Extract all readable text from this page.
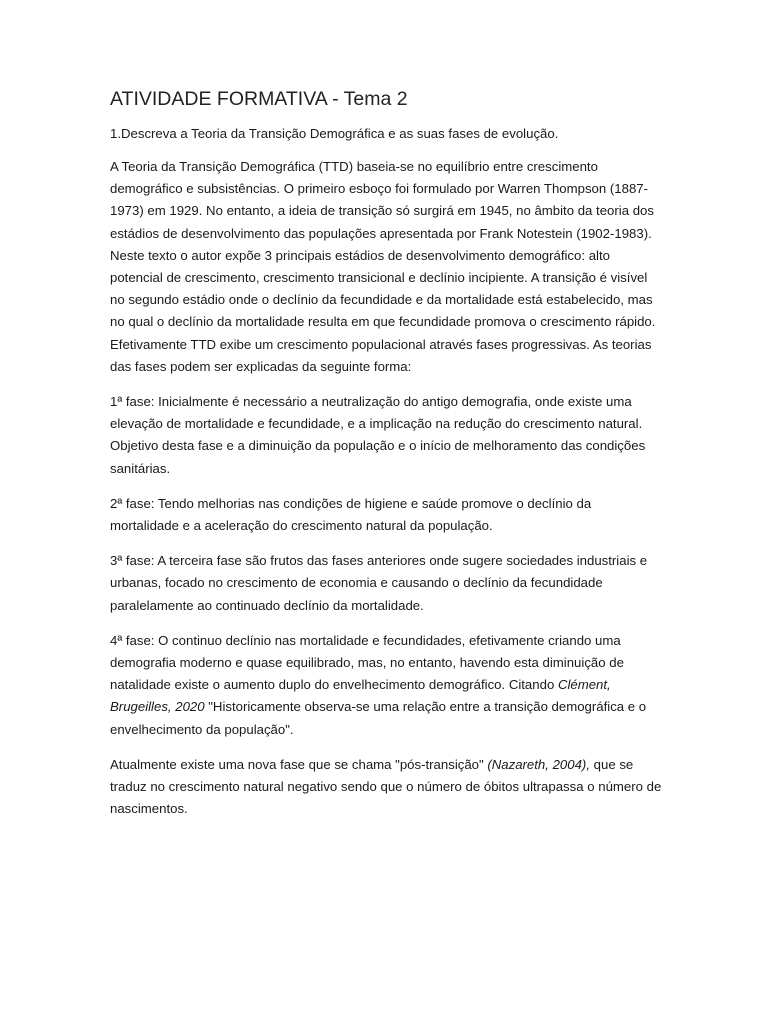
ATIVIDADE FORMATIVA - Tema 2

1.Descreva a Teoria da Transição Demográfica e as suas fases de evolução.

A Teoria da Transição Demográfica (TTD) baseia-se no equilíbrio entre crescimento demográfico e subsistências. O primeiro esboço foi formulado por Warren Thompson (1887-1973) em 1929. No entanto, a ideia de transição só surgirá em 1945, no âmbito da teoria dos estádios de desenvolvimento das populações apresentada por Frank Notestein (1902-1983). Neste texto o autor expõe 3 principais estádios de desenvolvimento demográfico: alto potencial de crescimento, crescimento transicional e declínio incipiente. A transição é visível no segundo estádio onde o declínio da fecundidade e da mortalidade está estabelecido, mas no qual o declínio da mortalidade resulta em que fecundidade promova o crescimento rápido. Efetivamente TTD exibe um crescimento populacional através fases progressivas. As teorias das fases podem ser explicadas da seguinte forma:

1ª fase: Inicialmente é necessário a neutralização do antigo demografia, onde existe uma elevação de mortalidade e fecundidade, e a implicação na redução do crescimento natural. Objetivo desta fase e a diminuição da população e o início de melhoramento das condições sanitárias.

2ª fase: Tendo melhorias nas condições de higiene e saúde promove o declínio da mortalidade e a aceleração do crescimento natural da população.

3ª fase: A terceira fase são frutos das fases anteriores onde sugere sociedades industriais e urbanas, focado no crescimento de economia e causando o declínio da fecundidade paralelamente ao continuado declínio da mortalidade.

4ª fase: O continuo declínio nas mortalidade e fecundidades, efetivamente criando uma demografia moderno e quase equilibrado, mas, no entanto, havendo esta diminuição de natalidade existe o aumento duplo do envelhecimento demográfico. Citando Clément, Brugeilles, 2020 "Historicamente observa-se uma relação entre a transição demográfica e o envelhecimento da população".

Atualmente existe uma nova fase que se chama "pós-transição" (Nazareth, 2004), que se traduz no crescimento natural negativo sendo que o número de óbitos ultrapassa o número de nascimentos.
